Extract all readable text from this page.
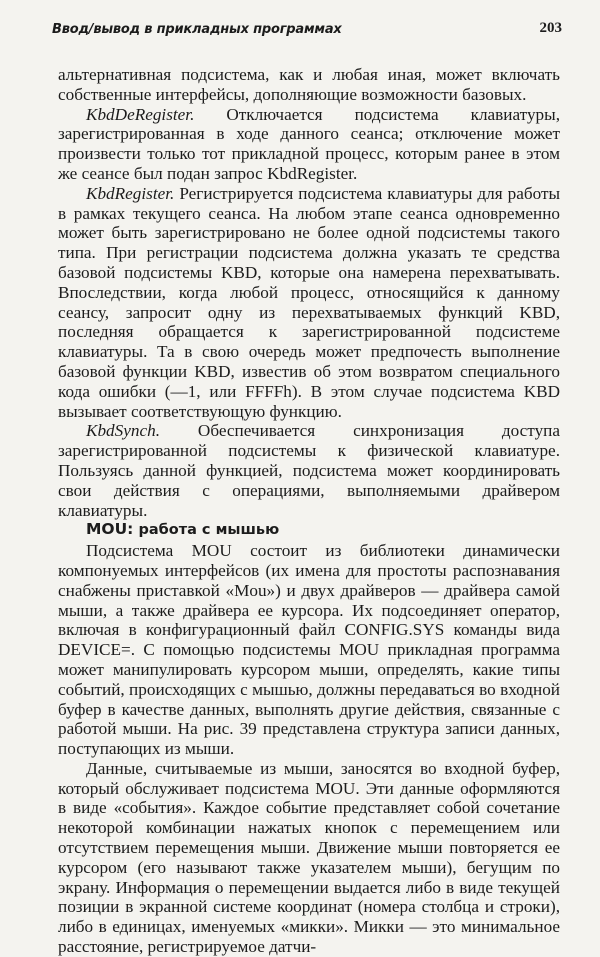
Ввод/вывод в прикладных программах	203

альтернативная подсистема, как и любая иная, может включать собственные интерфейсы, дополняющие возможности базовых.

KbdDeRegister. Отключается подсистема клавиатуры, зарегистрированная в ходе данного сеанса; отключение может произвести только тот прикладной процесс, которым ранее в этом же сеансе был подан запрос KbdRegister.

KbdRegister. Регистрируется подсистема клавиатуры для работы в рамках текущего сеанса. На любом этапе сеанса одновременно может быть зарегистрировано не более одной подсистемы такого типа. При регистрации подсистема должна указать те средства базовой подсистемы KBD, которые она намерена перехватывать. Впоследствии, когда любой процесс, относящийся к данному сеансу, запросит одну из перехватываемых функций KBD, последняя обращается к зарегистрированной подсистеме клавиатуры. Та в свою очередь может предпочесть выполнение базовой функции KBD, известив об этом возвратом специального кода ошибки (—1, или FFFFh). В этом случае подсистема KBD вызывает соответствующую функцию.

KbdSynch. Обеспечивается синхронизация доступа зарегистрированной подсистемы к физической клавиатуре. Пользуясь данной функцией, подсистема может координировать свои действия с операциями, выполняемыми драйвером клавиатуры.

MOU: работа с мышью

Подсистема MOU состоит из библиотеки динамически компонуемых интерфейсов (их имена для простоты распознавания снабжены приставкой «Mou») и двух драйверов — драйвера самой мыши, а также драйвера ее курсора. Их подсоединяет оператор, включая в конфигурационный файл CONFIG.SYS команды вида DEVICE=. С помощью подсистемы MOU прикладная программа может манипулировать курсором мыши, определять, какие типы событий, происходящих с мышью, должны передаваться во входной буфер в качестве данных, выполнять другие действия, связанные с работой мыши. На рис. 39 представлена структура записи данных, поступающих из мыши.

Данные, считываемые из мыши, заносятся во входной буфер, который обслуживает подсистема MOU. Эти данные оформляются в виде «события». Каждое событие представляет собой сочетание некоторой комбинации нажатых кнопок с перемещением или отсутствием перемещения мыши. Движение мыши повторяется ее курсором (его называют также указателем мыши), бегущим по экрану. Информация о перемещении выдается либо в виде текущей позиции в экранной системе координат (номера столбца и строки), либо в единицах, именуемых «микки». Микки — это минимальное расстояние, регистрируемое датчи-
